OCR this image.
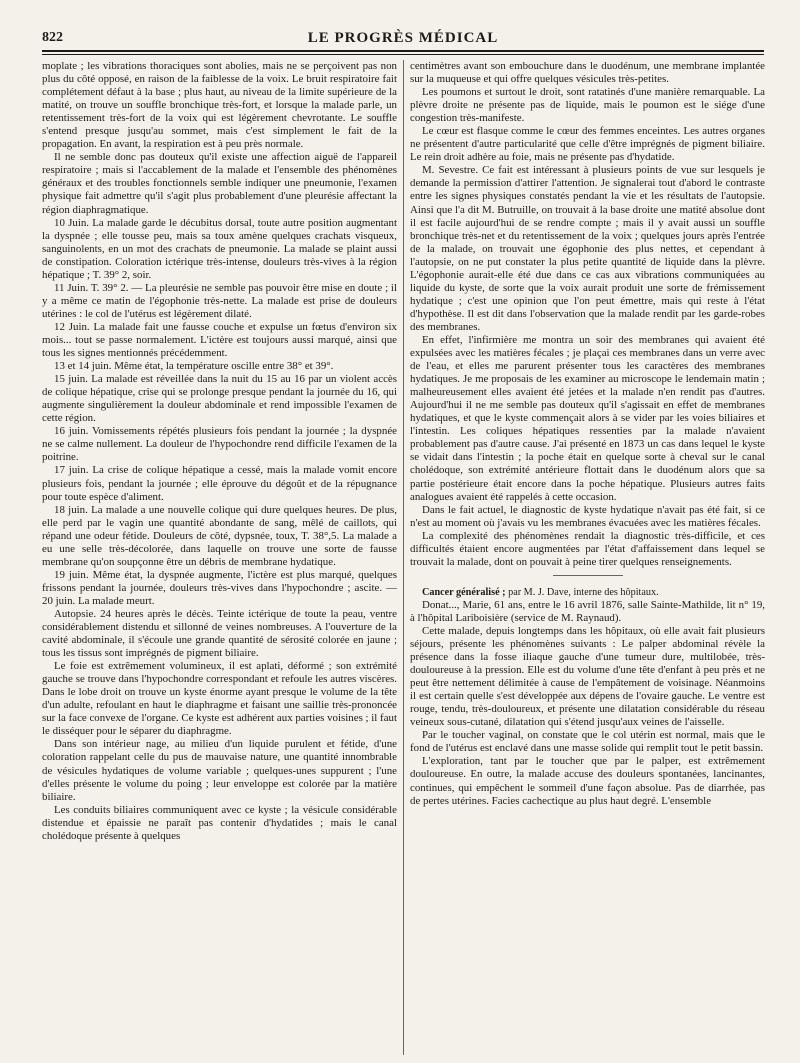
822	LE PROGRÈS MÉDICAL

moplate ; les vibrations thoraciques sont abolies, mais ne se perçoivent pas non plus du côté opposé, en raison de la faiblesse de la voix. Le bruit respiratoire fait complétement défaut à la base ; plus haut, au niveau de la limite supérieure de la matité, on trouve un souffle bronchique très-fort, et lorsque la malade parle, un retentissement très-fort de la voix qui est légèrement chevrotante. Le souffle s'entend presque jusqu'au sommet, mais c'est simplement le fait de la propagation. En avant, la respiration est à peu près normale.

Il ne semble donc pas douteux qu'il existe une affection aiguë de l'appareil respiratoire ; mais si l'accablement de la malade et l'ensemble des phénomènes généraux et des troubles fonctionnels semble indiquer une pneumonie, l'examen physique fait admettre qu'il s'agit plus probablement d'une pleurésie affectant la région diaphragmatique.

10 Juin. La malade garde le décubitus dorsal, toute autre position augmentant la dyspnée ; elle tousse peu, mais sa toux amène quelques crachats visqueux, sanguinolents, en un mot des crachats de pneumonie. La malade se plaint aussi de constipation. Coloration ictérique très-intense, douleurs très-vives à la région hépatique ; T. 39° 2, soir.

11 Juin. T. 39° 2. — La pleurésie ne semble pas pouvoir être mise en doute ; il y a même ce matin de l'égophonie très-nette. La malade est prise de douleurs utérines : le col de l'utérus est légèrement dilaté.

12 Juin. La malade fait une fausse couche et expulse un fœtus d'environ six mois... tout se passe normalement. L'ictère est toujours aussi marqué, ainsi que tous les signes mentionnés précédemment.

13 et 14 juin. Même état, la température oscille entre 38° et 39°.

15 juin. La malade est réveillée dans la nuit du 15 au 16 par un violent accès de colique hépatique, crise qui se prolonge presque pendant la journée du 16, qui augmente singulièrement la douleur abdominale et rend impossible l'examen de cette région.

16 juin. Vomissements répétés plusieurs fois pendant la journée ; la dyspnée ne se calme nullement. La douleur de l'hypochondre rend difficile l'examen de la poitrine.

17 juin. La crise de colique hépatique a cessé, mais la malade vomit encore plusieurs fois, pendant la journée ; elle éprouve du dégoût et de la répugnance pour toute espèce d'aliment.

18 juin. La malade a une nouvelle colique qui dure quelques heures. De plus, elle perd par le vagin une quantité abondante de sang, mêlé de caillots, qui répand une odeur fétide. Douleurs de côté, dypsnée, toux, T. 38°,5. La malade a eu une selle très-décolorée, dans laquelle on trouve une sorte de fausse membrane qu'on soupçonne être un débris de membrane hydatique.

19 juin. Même état, la dyspnée augmente, l'ictère est plus marqué, quelques frissons pendant la journée, douleurs très-vives dans l'hypochondre ; ascite. — 20 juin. La malade meurt.

Autopsie. 24 heures après le décès. Teinte ictérique de toute la peau, ventre considérablement distendu et sillonné de veines nombreuses. A l'ouverture de la cavité abdominale, il s'écoule une grande quantité de sérosité colorée en jaune ; tous les tissus sont imprégnés de pigment biliaire.

Le foie est extrêmement volumineux, il est aplati, déformé ; son extrémité gauche se trouve dans l'hypochondre correspondant et refoule les autres viscères. Dans le lobe droit on trouve un kyste énorme ayant presque le volume de la tête d'un adulte, refoulant en haut le diaphragme et faisant une saillie très-prononcée sur la face convexe de l'organe. Ce kyste est adhérent aux parties voisines ; il faut le disséquer pour le séparer du diaphragme.

Dans son intérieur nage, au milieu d'un liquide purulent et fétide, d'une coloration rappelant celle du pus de mauvaise nature, une quantité innombrable de vésicules hydatiques de volume variable ; quelques-unes suppurent ; l'une d'elles présente le volume du poing ; leur enveloppe est colorée par la matière biliaire.

Les conduits biliaires communiquent avec ce kyste ; la vésicule considérable distendue et épaissie ne paraît pas contenir d'hydatides ; mais le canal cholédoque présente à quelques

centimètres avant son embouchure dans le duodénum, une membrane implantée sur la muqueuse et qui offre quelques vésicules très-petites.

Les poumons et surtout le droit, sont ratatinés d'une manière remarquable. La plèvre droite ne présente pas de liquide, mais le poumon est le siége d'une congestion très-manifeste.

Le cœur est flasque comme le cœur des femmes enceintes. Les autres organes ne présentent d'autre particularité que celle d'être imprégnés de pigment biliaire. Le rein droit adhère au foie, mais ne présente pas d'hydatide.

M. Sevestre. Ce fait est intéressant à plusieurs points de vue sur lesquels je demande la permission d'attirer l'attention. Je signalerai tout d'abord le contraste entre les signes physiques constatés pendant la vie et les résultats de l'autopsie. Ainsi que l'a dit M. Butruille, on trouvait à la base droite une matité absolue dont il est facile aujourd'hui de se rendre compte ; mais il y avait aussi un souffle bronchique très-net et du retentissement de la voix ; quelques jours après l'entrée de la malade, on trouvait une égophonie des plus nettes, et cependant à l'autopsie, on ne put constater la plus petite quantité de liquide dans la plèvre. L'égophonie aurait-elle été due dans ce cas aux vibrations communiquées au liquide du kyste, de sorte que la voix aurait produit une sorte de frémissement hydatique ; c'est une opinion que l'on peut émettre, mais qui reste à l'état d'hypothèse. Il est dit dans l'observation que la malade rendit par les garde-robes des membranes.

En effet, l'infirmière me montra un soir des membranes qui avaient été expulsées avec les matières fécales ; je plaçai ces membranes dans un verre avec de l'eau, et elles me parurent présenter tous les caractères des membranes hydatiques. Je me proposais de les examiner au microscope le lendemain matin ; malheureusement elles avaient été jetées et la malade n'en rendit pas d'autres. Aujourd'hui il ne me semble pas douteux qu'il s'agissait en effet de membranes hydatiques, et que le kyste commençait alors à se vider par les voies biliaires et l'intestin. Les coliques hépatiques ressenties par la malade n'avaient probablement pas d'autre cause. J'ai présenté en 1873 un cas dans lequel le kyste se vidait dans l'intestin ; la poche était en quelque sorte à cheval sur le canal cholédoque, son extrémité antérieure flottait dans le duodénum alors que sa partie postérieure était encore dans la poche hépatique. Plusieurs autres faits analogues avaient été rappelés à cette occasion.

Dans le fait actuel, le diagnostic de kyste hydatique n'avait pas été fait, si ce n'est au moment où j'avais vu les membranes évacuées avec les matières fécales.

La complexité des phénomènes rendait la diagnostic très-difficile, et ces difficultés étaient encore augmentées par l'état d'affaissement dans lequel se trouvait la malade, dont on pouvait à peine tirer quelques renseignements.

Cancer généralisé ; par M. J. Dave, interne des hôpitaux.

Donat..., Marie, 61 ans, entre le 16 avril 1876, salle Sainte-Mathilde, lit n° 19, à l'hôpital Lariboisière (service de M. Raynaud).

Cette malade, depuis longtemps dans les hôpitaux, où elle avait fait plusieurs séjours, présente les phénomènes suivants : Le palper abdominal révèle la présence dans la fosse iliaque gauche d'une tumeur dure, multilobée, très-douloureuse à la pression. Elle est du volume d'une tête d'enfant à peu près et ne peut être nettement délimitée à cause de l'empâtement de voisinage. Néanmoins il est certain quelle s'est développée aux dépens de l'ovaire gauche. Le ventre est rouge, tendu, très-douloureux, et présente une dilatation considérable du réseau veineux sous-cutané, dilatation qui s'étend jusqu'aux veines de l'aisselle.

Par le toucher vaginal, on constate que le col utérin est normal, mais que le fond de l'utérus est enclavé dans une masse solide qui remplit tout le petit bassin.

L'exploration, tant par le toucher que par le palper, est extrêmement douloureuse. En outre, la malade accuse des douleurs spontanées, lancinantes, continues, qui empêchent le sommeil d'une façon absolue. Pas de diarrhée, pas de pertes utérines. Facies cachectique au plus haut degré. L'ensemble
